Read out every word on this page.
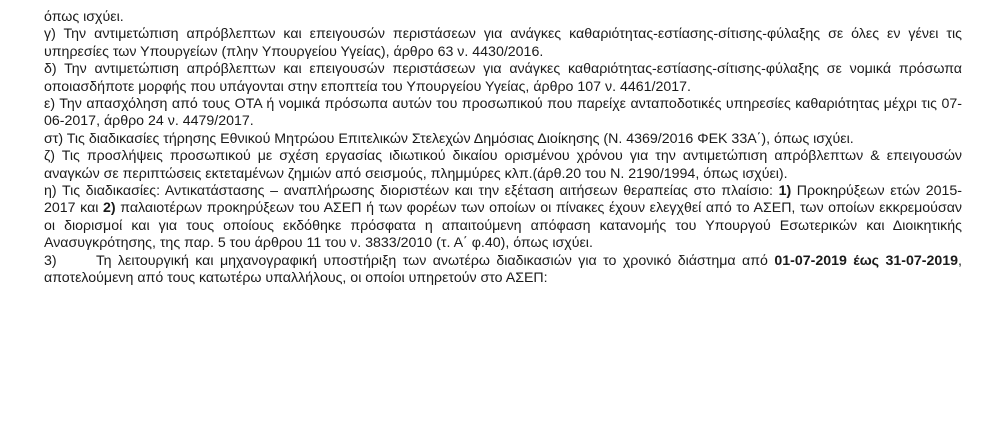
όπως ισχύει.

γ) Την αντιμετώπιση απρόβλεπτων και επειγουσών περιστάσεων για ανάγκες καθαριότητας-εστίασης-σίτισης-φύλαξης σε όλες εν γένει τις υπηρεσίες των Υπουργείων (πλην Υπουργείου Υγείας), άρθρο 63 ν. 4430/2016.

δ) Την αντιμετώπιση απρόβλεπτων και επειγουσών περιστάσεων για ανάγκες καθαριότητας-εστίασης-σίτισης-φύλαξης σε νομικά πρόσωπα οποιασδήποτε μορφής που υπάγονται στην εποπτεία του Υπουργείου Υγείας, άρθρο 107 ν. 4461/2017.

ε) Την απασχόληση από τους ΟΤΑ ή νομικά πρόσωπα αυτών του προσωπικού που παρείχε ανταποδοτικές υπηρεσίες καθαριότητας μέχρι τις 07-06-2017, άρθρο 24 ν. 4479/2017.

στ) Τις διαδικασίες τήρησης Εθνικού Μητρώου Επιτελικών Στελεχών Δημόσιας Διοίκησης (Ν. 4369/2016 ΦΕΚ 33Α΄), όπως ισχύει.

ζ) Τις προσλήψεις προσωπικού με σχέση εργασίας ιδιωτικού δικαίου ορισμένου χρόνου για την αντιμετώπιση απρόβλεπτων & επειγουσών αναγκών σε περιπτώσεις εκτεταμένων ζημιών από σεισμούς, πλημμύρες κλπ.(άρθ.20 του Ν. 2190/1994, όπως ισχύει).

η) Τις διαδικασίες: Αντικατάστασης – αναπλήρωσης διοριστέων και την εξέταση αιτήσεων θεραπείας στο πλαίσιο: 1) Προκηρύξεων ετών 2015-2017 και 2) παλαιοτέρων προκηρύξεων του ΑΣΕΠ ή των φορέων των οποίων οι πίνακες έχουν ελεγχθεί από το ΑΣΕΠ, των οποίων εκκρεμούσαν οι διορισμοί και για τους οποίους εκδόθηκε πρόσφατα η απαιτούμενη απόφαση κατανομής του Υπουργού Εσωτερικών και Διοικητικής Ανασυγκρότησης, της παρ. 5 του άρθρου 11 του ν. 3833/2010 (τ. Α΄ φ.40), όπως ισχύει.

3)	Τη λειτουργική και μηχανογραφική υποστήριξη των ανωτέρω διαδικασιών για το χρονικό διάστημα από 01-07-2019 έως 31-07-2019, αποτελούμενη από τους κατωτέρω υπαλλήλους, οι οποίοι υπηρετούν στο ΑΣΕΠ:
